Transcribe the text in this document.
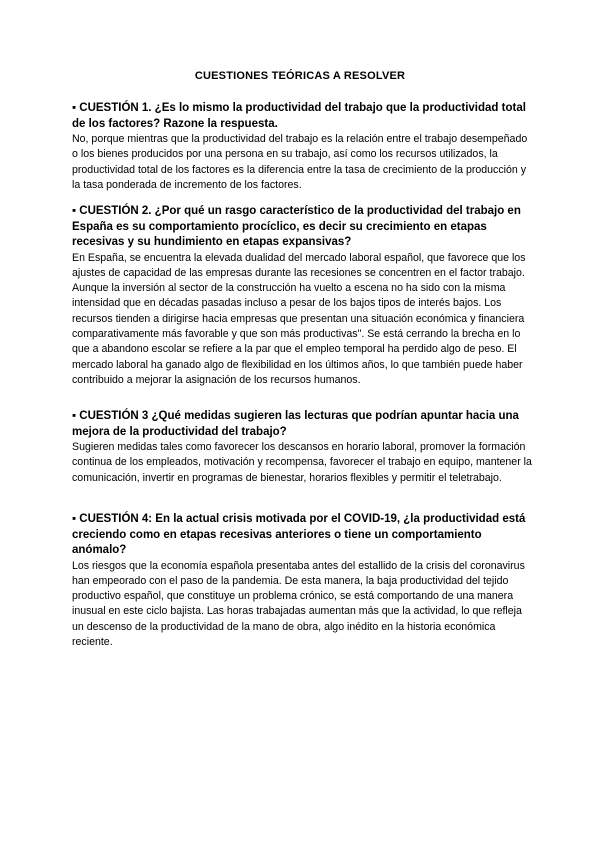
CUESTIONES TEÓRICAS A RESOLVER
▪ CUESTIÓN 1. ¿Es lo mismo la productividad del trabajo que la productividad total de los factores? Razone la respuesta.
No, porque mientras que la productividad del trabajo es la relación entre el trabajo desempeñado o los bienes producidos por una persona en su trabajo, así como los recursos utilizados, la productividad total de los factores es la diferencia entre la tasa de crecimiento de la producción y la tasa ponderada de incremento de los factores.
▪ CUESTIÓN 2. ¿Por qué un rasgo característico de la productividad del trabajo en España es su comportamiento procíclico, es decir su crecimiento en etapas recesivas y su hundimiento en etapas expansivas?
En España, se encuentra la elevada dualidad del mercado laboral español, que favorece que los ajustes de capacidad de las empresas durante las recesiones se concentren en el factor trabajo. Aunque la inversión al sector de la construcción ha vuelto a escena no ha sido con la misma intensidad que en décadas pasadas incluso a pesar de los bajos tipos de interés bajos. Los recursos tienden a dirigirse hacia empresas que presentan una situación económica y financiera comparativamente más favorable y que son más productivas". Se está cerrando la brecha en lo que a abandono escolar se refiere a la par que el empleo temporal ha perdido algo de peso. El mercado laboral ha ganado algo de flexibilidad en los últimos años, lo que también puede haber contribuido a mejorar la asignación de los recursos humanos.
▪ CUESTIÓN 3 ¿Qué medidas sugieren las lecturas que podrían apuntar hacia una mejora de la productividad del trabajo?
Sugieren medidas tales como favorecer los descansos en horario laboral, promover la formación continua de los empleados, motivación y recompensa, favorecer el trabajo en equipo, mantener la comunicación, invertir en programas de bienestar, horarios flexibles y permitir el teletrabajo.
▪ CUESTIÓN 4: En la actual crisis motivada por el COVID-19, ¿la productividad está creciendo como en etapas recesivas anteriores o tiene un comportamiento anómalo?
Los riesgos que la economía española presentaba antes del estallido de la crisis del coronavirus han empeorado con el paso de la pandemia. De esta manera, la baja productividad del tejido productivo español, que constituye un problema crónico, se está comportando de una manera inusual en este ciclo bajista. Las horas trabajadas aumentan más que la actividad, lo que refleja un descenso de la productividad de la mano de obra, algo inédito en la historia económica reciente.
